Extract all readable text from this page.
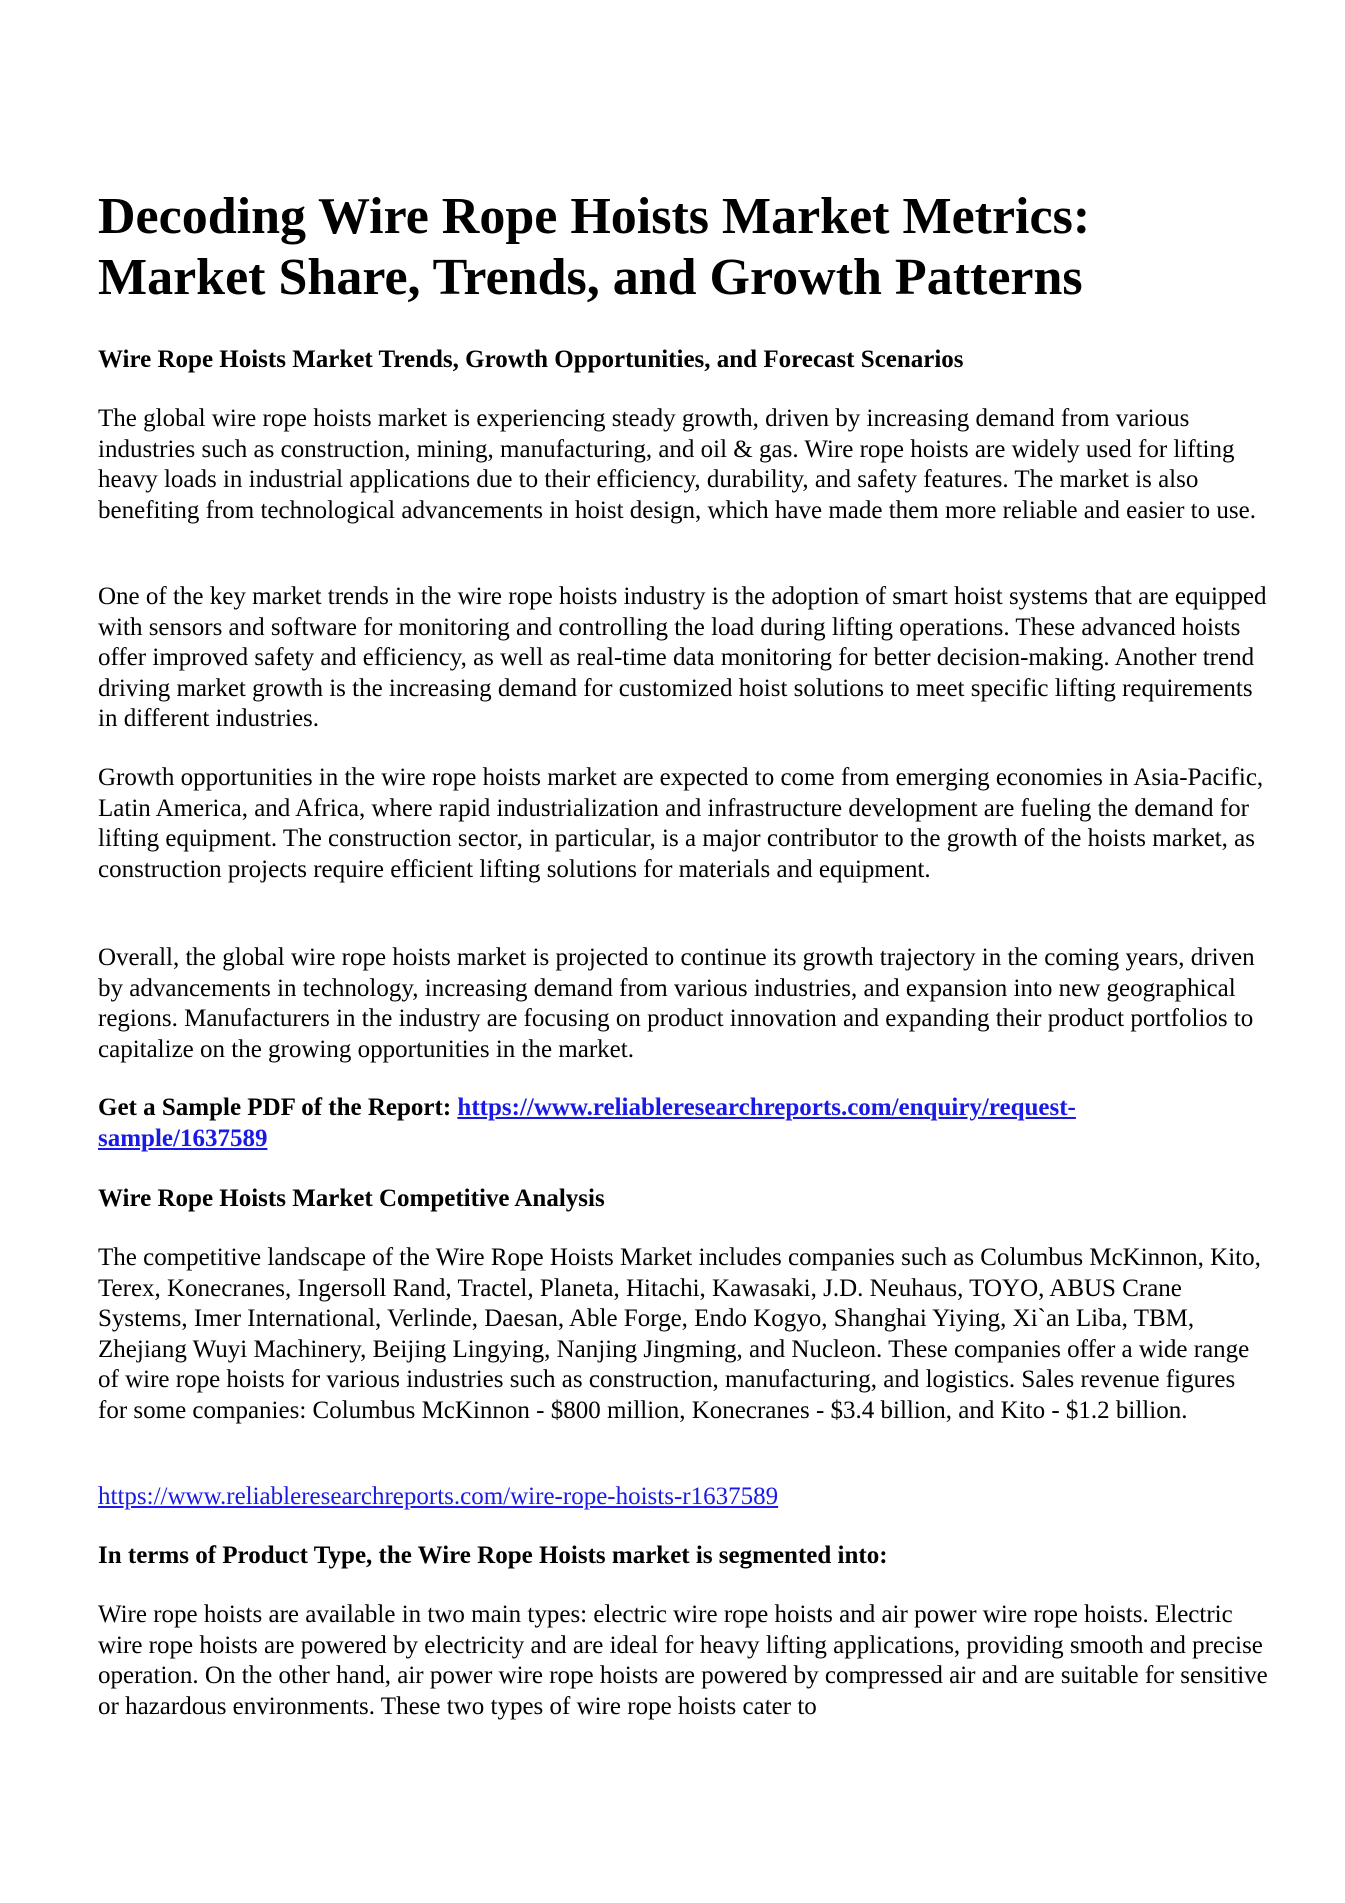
Decoding Wire Rope Hoists Market Metrics: Market Share, Trends, and Growth Patterns
Wire Rope Hoists Market Trends, Growth Opportunities, and Forecast Scenarios

The global wire rope hoists market is experiencing steady growth, driven by increasing demand from various industries such as construction, mining, manufacturing, and oil & gas. Wire rope hoists are widely used for lifting heavy loads in industrial applications due to their efficiency, durability, and safety features. The market is also benefiting from technological advancements in hoist design, which have made them more reliable and easier to use.

One of the key market trends in the wire rope hoists industry is the adoption of smart hoist systems that are equipped with sensors and software for monitoring and controlling the load during lifting operations. These advanced hoists offer improved safety and efficiency, as well as real-time data monitoring for better decision-making. Another trend driving market growth is the increasing demand for customized hoist solutions to meet specific lifting requirements in different industries.

Growth opportunities in the wire rope hoists market are expected to come from emerging economies in Asia-Pacific, Latin America, and Africa, where rapid industrialization and infrastructure development are fueling the demand for lifting equipment. The construction sector, in particular, is a major contributor to the growth of the hoists market, as construction projects require efficient lifting solutions for materials and equipment.

Overall, the global wire rope hoists market is projected to continue its growth trajectory in the coming years, driven by advancements in technology, increasing demand from various industries, and expansion into new geographical regions. Manufacturers in the industry are focusing on product innovation and expanding their product portfolios to capitalize on the growing opportunities in the market.

Get a Sample PDF of the Report: https://www.reliableresearchreports.com/enquiry/request-sample/1637589
Wire Rope Hoists Market Competitive Analysis

The competitive landscape of the Wire Rope Hoists Market includes companies such as Columbus McKinnon, Kito, Terex, Konecranes, Ingersoll Rand, Tractel, Planeta, Hitachi, Kawasaki, J.D. Neuhaus, TOYO, ABUS Crane Systems, Imer International, Verlinde, Daesan, Able Forge, Endo Kogyo, Shanghai Yiying, Xi`an Liba, TBM, Zhejiang Wuyi Machinery, Beijing Lingying, Nanjing Jingming, and Nucleon. These companies offer a wide range of wire rope hoists for various industries such as construction, manufacturing, and logistics. Sales revenue figures for some companies: Columbus McKinnon - $800 million, Konecranes - $3.4 billion, and Kito - $1.2 billion.

https://www.reliableresearchreports.com/wire-rope-hoists-r1637589

In terms of Product Type, the Wire Rope Hoists market is segmented into:

Wire rope hoists are available in two main types: electric wire rope hoists and air power wire rope hoists. Electric wire rope hoists are powered by electricity and are ideal for heavy lifting applications, providing smooth and precise operation. On the other hand, air power wire rope hoists are powered by compressed air and are suitable for sensitive or hazardous environments. These two types of wire rope hoists cater to
